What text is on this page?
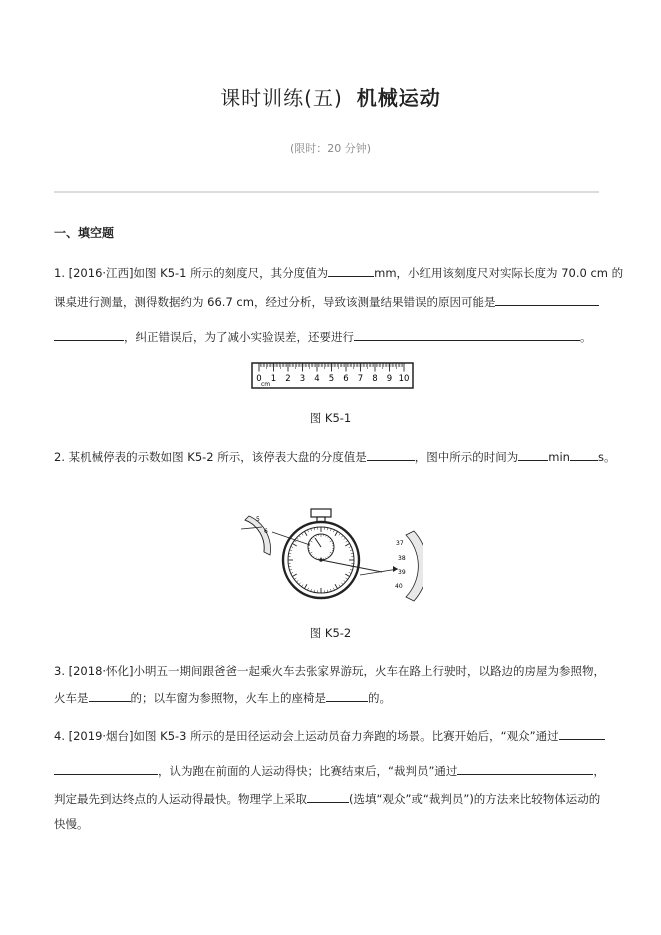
课时训练(五) 机械运动
(限时：20 分钟)
一、填空题
1. [2016·江西]如图 K5-1 所示的刻度尺，其分度值为	mm，小红用该刻度尺对实际长度为 70.0 cm 的
课桌进行测量，测得数据约为 66.7 cm，经过分析，导致该测量结果错误的原因可能是
，纠正错误后，为了减小实验误差，还要进行	。
0 1 2 3 4 5 6 7 8 9 10
cm
图 K5-1
2. 某机械停表的示数如图 K5-2 所示，该停表大盘的分度值是	，图中所示的时间为	min s。
5
6
37
38
39
40
图 K5-2
3. [2018·怀化]小明五一期间跟爸爸一起乘火车去张家界游玩，火车在路上行驶时，以路边的房屋为参照物，
火车是	的；以车窗为参照物，火车上的座椅是	的。
4. [2019·烟台]如图 K5-3 所示的是田径运动会上运动员奋力奔跑的场景。比赛开始后，“观众”通过
，认为跑在前面的人运动得快；比赛结束后，“裁判员”通过	，
判定最先到达终点的人运动得最快。物理学上采取	(选填“观众”或“裁判员”)的方法来比较物体运动的
快慢。
